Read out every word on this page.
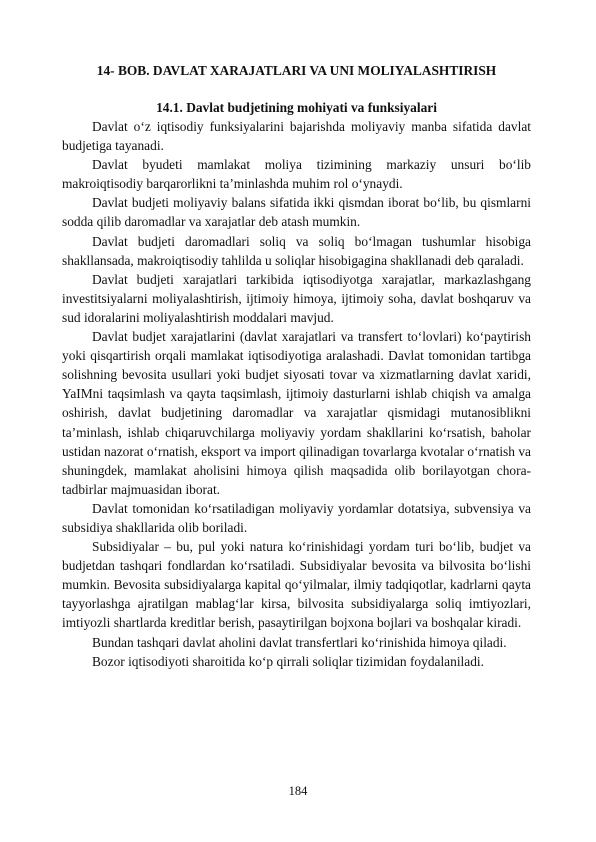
14- BOB. DAVLAT XARAJATLARI VA UNI MOLIYALASHTIRISH
14.1. Davlat budjetining mohiyati va funksiyalari

Davlat o‘z iqtisodiy funksiyalarini bajarishda moliyaviy manba sifatida davlat budjetiga tayanadi.

Davlat byudeti mamlakat moliya tizimining markaziy unsuri bo‘lib makroiqtisodiy barqarorlikni ta’minlashda muhim rol o‘ynaydi.

Davlat budjeti moliyaviy balans sifatida ikki qismdan iborat bo‘lib, bu qismlarni sodda qilib daromadlar va xarajatlar deb atash mumkin.

Davlat budjeti daromadlari soliq va soliq bo‘lmagan tushumlar hisobiga shakllansada, makroiqtisodiy tahlilda u soliqlar hisobigagina shakllanadi deb qaraladi.

Davlat budjeti xarajatlari tarkibida iqtisodiyotga xarajatlar, markazlashgang investitsiyalarni moliyalashtirish, ijtimoiy himoya, ijtimoiy soha, davlat boshqaruv va sud idoralarini moliyalashtirish moddalari mavjud.

Davlat budjet xarajatlarini (davlat xarajatlari va transfert to‘lovlari) ko‘paytirish yoki qisqartirish orqali mamlakat iqtisodiyotiga aralashadi. Davlat tomonidan tartibga solishning bevosita usullari yoki budjet siyosati tovar va xizmatlarning davlat xaridi, YaIMni taqsimlash va qayta taqsimlash, ijtimoiy dasturlarni ishlab chiqish va amalga oshirish, davlat budjetining daromadlar va xarajatlar qismidagi mutanosiblikni ta’minlash, ishlab chiqaruvchilarga moliyaviy yordam shakllarini ko‘rsatish, baholar ustidan nazorat o‘rnatish, eksport va import qilinadigan tovarlarga kvotalar o‘rnatish va shuningdek, mamlakat aholisini himoya qilish maqsadida olib borilayotgan chora-tadbirlar majmuasidan iborat.

Davlat tomonidan ko‘rsatiladigan moliyaviy yordamlar dotatsiya, subvensiya va subsidiya shakllarida olib boriladi.

Subsidiyalar – bu, pul yoki natura ko‘rinishidagi yordam turi bo‘lib, budjet va budjetdan tashqari fondlardan ko‘rsatiladi. Subsidiyalar bevosita va bilvosita bo‘lishi mumkin. Bevosita subsidiyalarga kapital qo‘yilmalar, ilmiy tadqiqotlar, kadrlarni qayta tayyorlashga ajratilgan mablag‘lar kirsa, bilvosita subsidiyalarga soliq imtiyozlari, imtiyozli shartlarda kreditlar berish, pasaytirilgan bojxona bojlari va boshqalar kiradi.

Bundan tashqari davlat aholini davlat transfertlari ko‘rinishida himoya qiladi.

Bozor iqtisodiyoti sharoitida ko‘p qirrali soliqlar tizimidan foydalaniladi.

184
